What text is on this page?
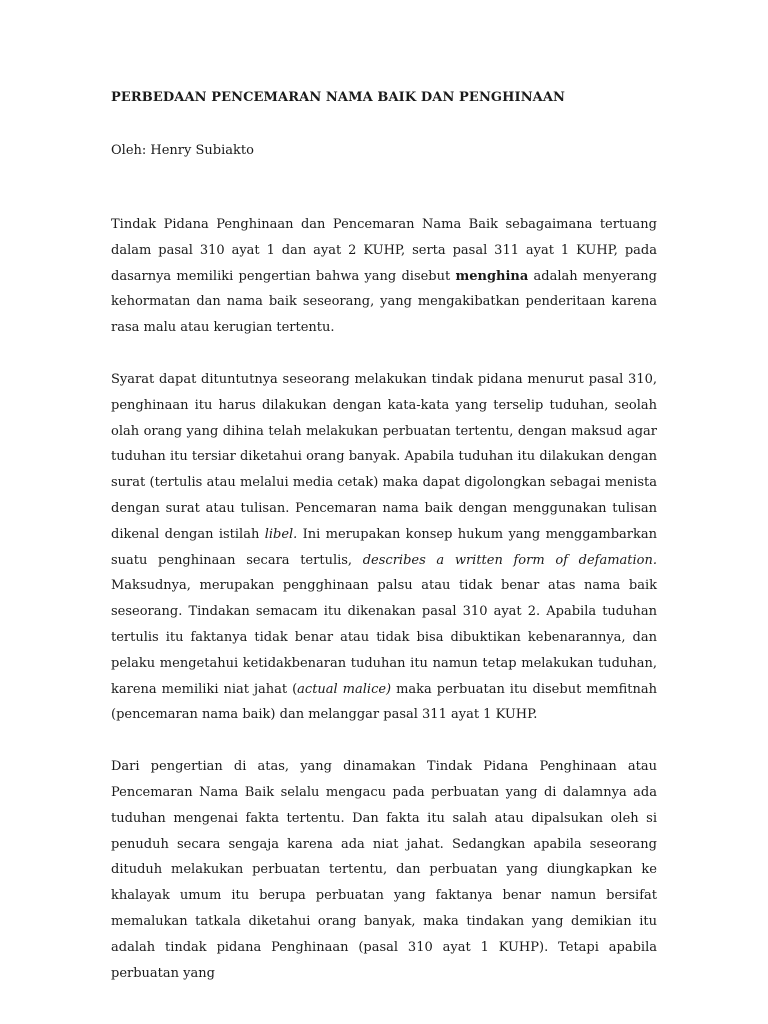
PERBEDAAN PENCEMARAN NAMA BAIK DAN PENGHINAAN
Oleh: Henry Subiakto

Tindak Pidana Penghinaan dan Pencemaran Nama Baik sebagaimana tertuang dalam pasal 310 ayat 1 dan ayat 2 KUHP, serta pasal 311 ayat 1 KUHP, pada dasarnya memiliki pengertian bahwa yang disebut menghina adalah menyerang kehormatan dan nama baik seseorang, yang mengakibatkan penderitaan karena rasa malu atau kerugian tertentu.

Syarat dapat dituntutnya seseorang melakukan tindak pidana menurut pasal 310, penghinaan itu harus dilakukan dengan kata-kata yang terselip tuduhan, seolah olah orang yang dihina telah melakukan perbuatan tertentu, dengan maksud agar tuduhan itu tersiar diketahui orang banyak. Apabila tuduhan itu dilakukan dengan surat (tertulis atau melalui media cetak) maka dapat digolongkan sebagai menista dengan surat atau tulisan. Pencemaran nama baik dengan menggunakan tulisan dikenal dengan istilah libel. Ini merupakan konsep hukum yang menggambarkan suatu penghinaan secara tertulis, describes a written form of defamation. Maksudnya, merupakan pengghinaan palsu atau tidak benar atas nama baik seseorang. Tindakan semacam itu dikenakan pasal 310 ayat 2. Apabila tuduhan tertulis itu faktanya tidak benar atau tidak bisa dibuktikan kebenarannya, dan pelaku mengetahui ketidakbenaran tuduhan itu namun tetap melakukan tuduhan, karena memiliki niat jahat (actual malice) maka perbuatan itu disebut memfitnah (pencemaran nama baik) dan melanggar pasal 311 ayat 1 KUHP.

Dari pengertian di atas, yang dinamakan Tindak Pidana Penghinaan atau Pencemaran Nama Baik selalu mengacu pada perbuatan yang di dalamnya ada tuduhan mengenai fakta tertentu. Dan fakta itu salah atau dipalsukan oleh si penuduh secara sengaja karena ada niat jahat. Sedangkan apabila seseorang dituduh melakukan perbuatan tertentu, dan perbuatan yang diungkapkan ke khalayak umum itu berupa perbuatan yang faktanya benar namun bersifat memalukan tatkala diketahui orang banyak, maka tindakan yang demikian itu adalah tindak pidana Penghinaan (pasal 310 ayat 1 KUHP). Tetapi apabila perbuatan yang
